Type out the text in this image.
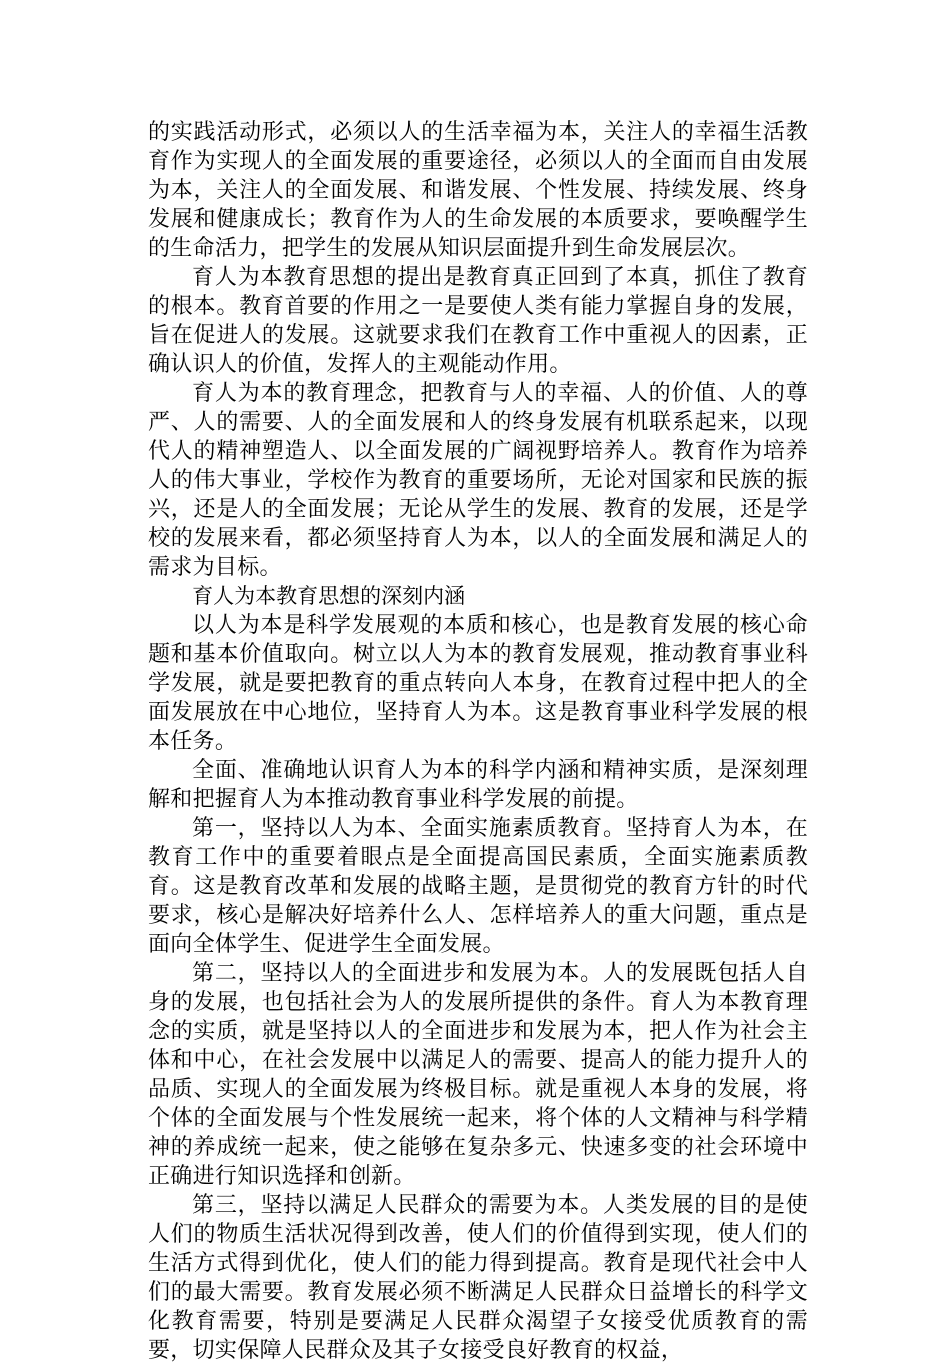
的实践活动形式，必须以人的生活幸福为本，关注人的幸福生活教育作为实现人的全面发展的重要途径，必须以人的全面而自由发展为本，关注人的全面发展、和谐发展、个性发展、持续发展、终身发展和健康成长；教育作为人的生命发展的本质要求，要唤醒学生的生命活力，把学生的发展从知识层面提升到生命发展层次。

育人为本教育思想的提出是教育真正回到了本真，抓住了教育的根本。教育首要的作用之一是要使人类有能力掌握自身的发展，旨在促进人的发展。这就要求我们在教育工作中重视人的因素，正确认识人的价值，发挥人的主观能动作用。

育人为本的教育理念，把教育与人的幸福、人的价值、人的尊严、人的需要、人的全面发展和人的终身发展有机联系起来，以现代人的精神塑造人、以全面发展的广阔视野培养人。教育作为培养人的伟大事业，学校作为教育的重要场所，无论对国家和民族的振兴，还是人的全面发展；无论从学生的发展、教育的发展，还是学校的发展来看，都必须坚持育人为本，以人的全面发展和满足人的需求为目标。

育人为本教育思想的深刻内涵

以人为本是科学发展观的本质和核心，也是教育发展的核心命题和基本价值取向。树立以人为本的教育发展观，推动教育事业科学发展，就是要把教育的重点转向人本身，在教育过程中把人的全面发展放在中心地位，坚持育人为本。这是教育事业科学发展的根本任务。

全面、准确地认识育人为本的科学内涵和精神实质，是深刻理解和把握育人为本推动教育事业科学发展的前提。

第一，坚持以人为本、全面实施素质教育。坚持育人为本，在教育工作中的重要着眼点是全面提高国民素质，全面实施素质教育。这是教育改革和发展的战略主题，是贯彻党的教育方针的时代要求，核心是解决好培养什么人、怎样培养人的重大问题，重点是面向全体学生、促进学生全面发展。

第二，坚持以人的全面进步和发展为本。人的发展既包括人自身的发展，也包括社会为人的发展所提供的条件。育人为本教育理念的实质，就是坚持以人的全面进步和发展为本，把人作为社会主体和中心，在社会发展中以满足人的需要、提高人的能力提升人的品质、实现人的全面发展为终极目标。就是重视人本身的发展，将个体的全面发展与个性发展统一起来，将个体的人文精神与科学精神的养成统一起来，使之能够在复杂多元、快速多变的社会环境中正确进行知识选择和创新。

第三，坚持以满足人民群众的需要为本。人类发展的目的是使人们的物质生活状况得到改善，使人们的价值得到实现，使人们的生活方式得到优化，使人们的能力得到提高。教育是现代社会中人们的最大需要。教育发展必须不断满足人民群众日益增长的科学文化教育需要，特别是要满足人民群众渴望子女接受优质教育的需要，切实保障人民群众及其子女接受良好教育的权益，
